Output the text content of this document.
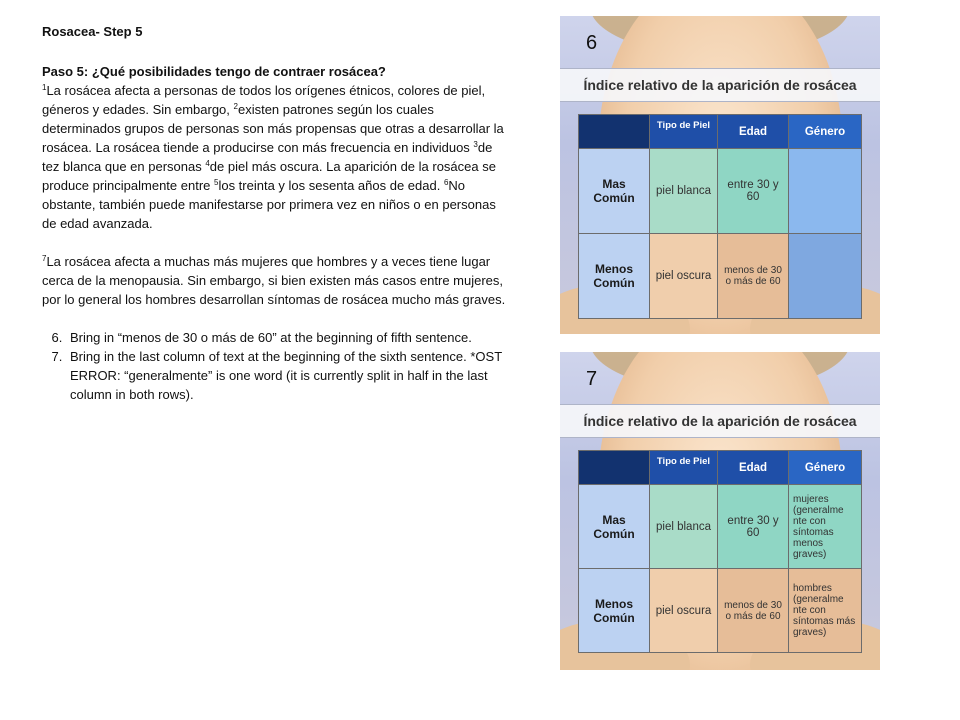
Rosacea- Step 5

Paso 5: ¿Qué posibilidades tengo de contraer rosácea?

$^1$La rosácea afecta a personas de todos los orígenes étnicos, colores de piel, géneros y edades. Sin embargo, $^2$existen patrones según los cuales determinados grupos de personas son más propensas que otras a desarrollar la rosácea. La rosácea tiende a producirse con más frecuencia en individuos $^3$de tez blanca que en personas $^4$de piel más oscura. La aparición de la rosácea se produce principalmente entre $^5$los treinta y los sesenta años de edad. $^6$No obstante, también puede manifestarse por primera vez en niños o en personas de edad avanzada.

$^7$La rosácea afecta a muchas más mujeres que hombres y a veces tiene lugar cerca de la menopausia. Sin embargo, si bien existen más casos entre mujeres, por lo general los hombres desarrollan síntomas de rosácea mucho más graves.

6. Bring in “menos de 30 o más de 60” at the beginning of fifth sentence.
7. Bring in the last column of text at the beginning of the sixth sentence. *OST ERROR: “generalmente” is one word (it is currently split in half in the last column in both rows).
6
Índice relativo de la aparición de rosácea
	Tipo de Piel	Edad	Género
Mas Común	piel blanca	entre 30 y 60	
Menos Común	piel oscura	menos de 30 o más de 60	
7
Índice relativo de la aparición de rosácea
	Tipo de Piel	Edad	Género
Mas Común	piel blanca	entre 30 y 60	mujeres (generalme nte con síntomas menos graves)
Menos Común	piel oscura	menos de 30 o más de 60	hombres (generalme nte con síntomas más graves)
